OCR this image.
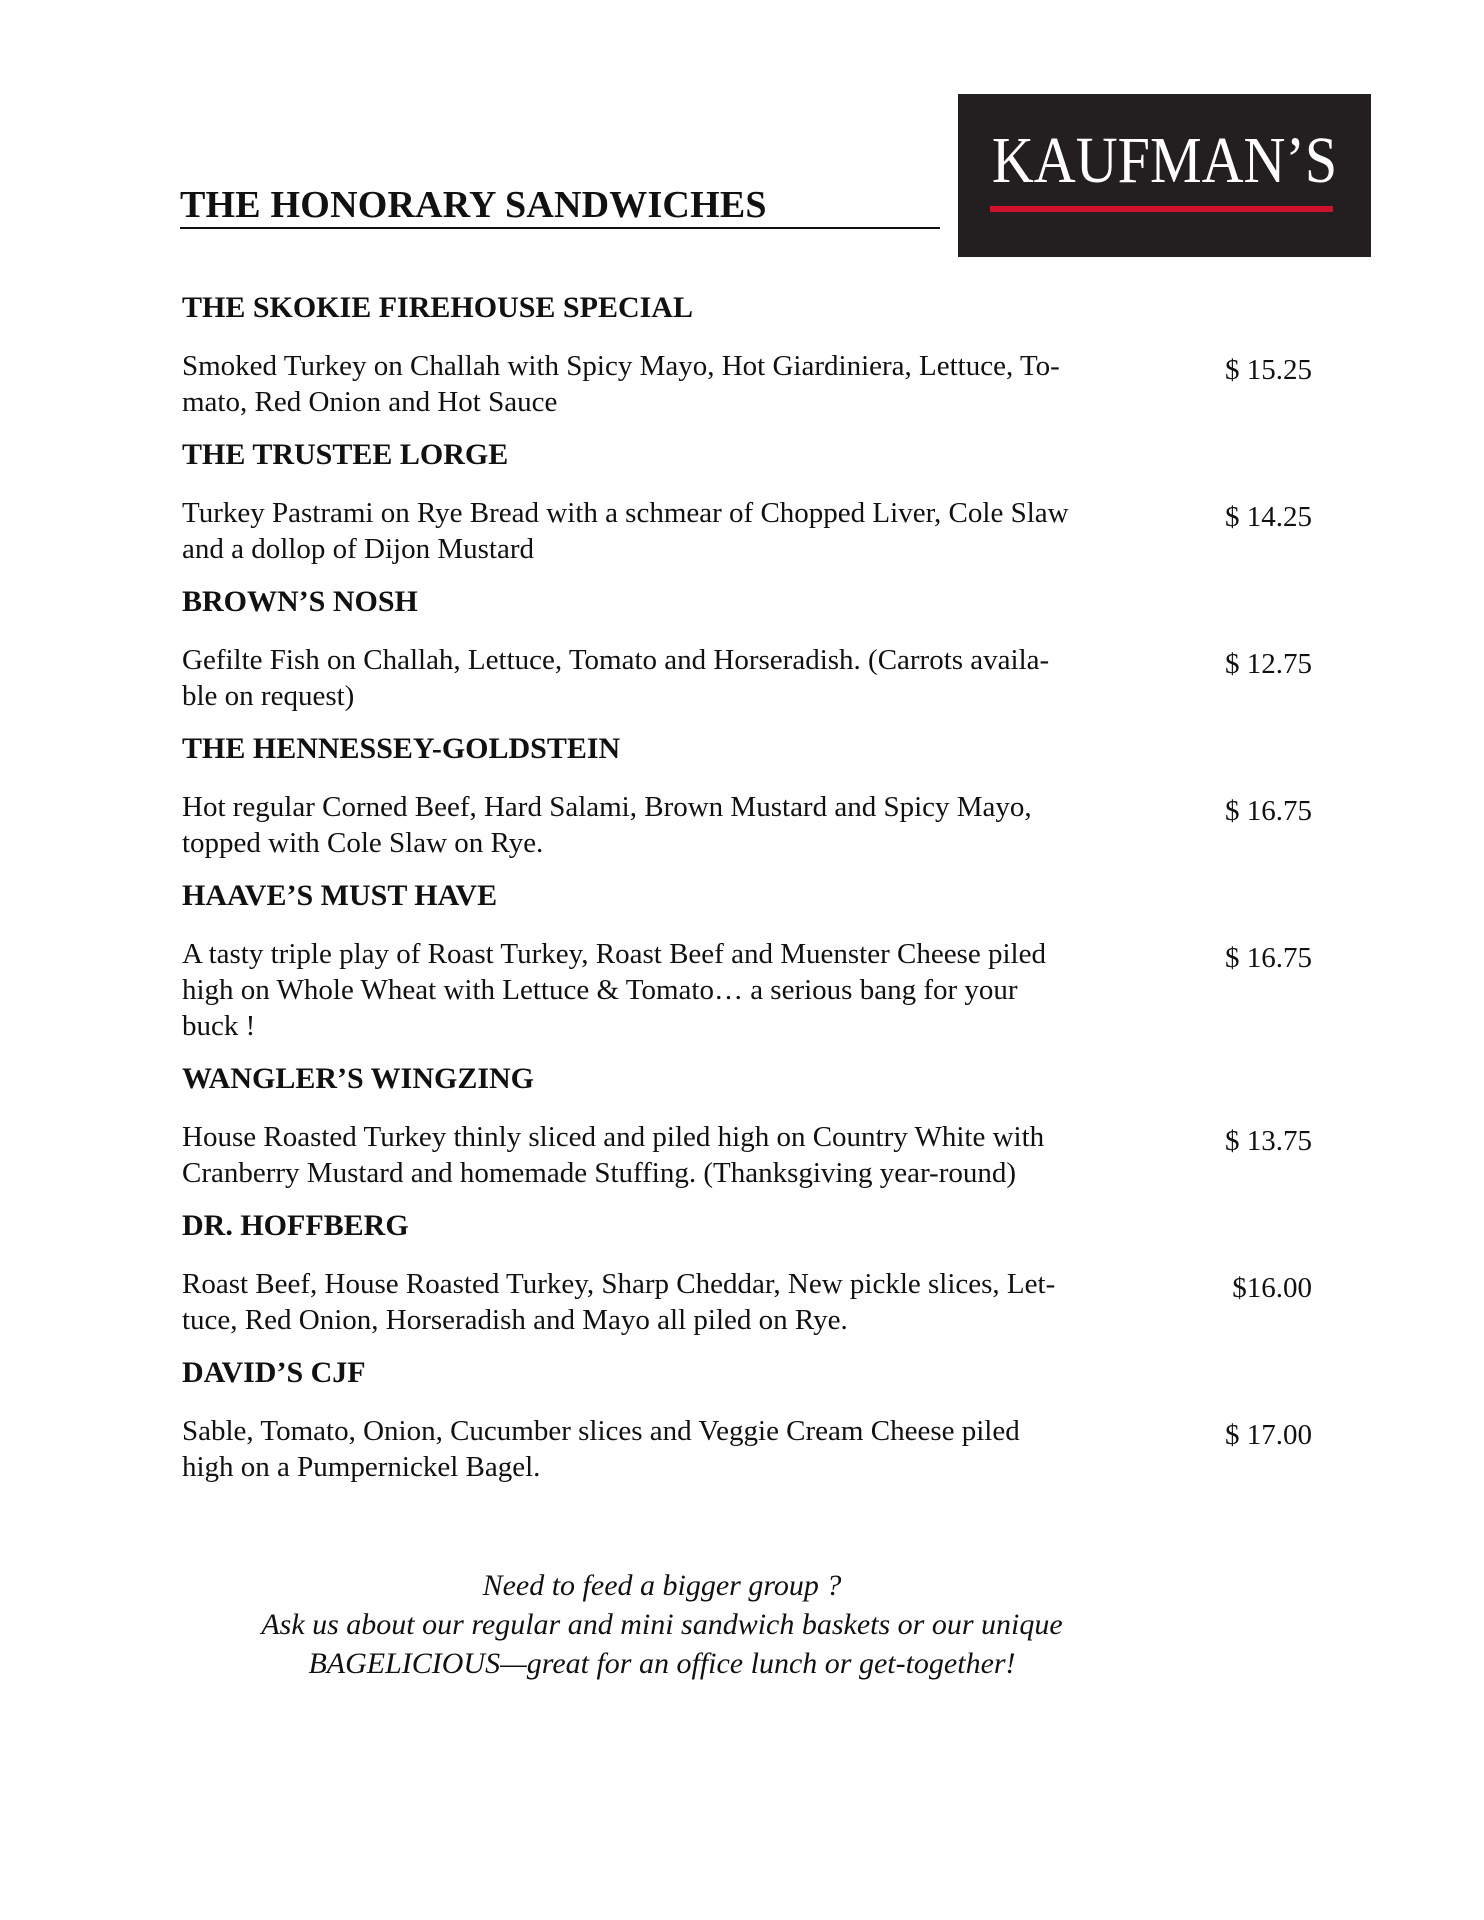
THE HONORARY SANDWICHES
KAUFMAN’S
THE SKOKIE FIREHOUSE SPECIAL
Smoked Turkey on Challah with Spicy Mayo, Hot Giardiniera, Lettuce, To-
mato, Red Onion and Hot Sauce
$ 15.25
THE TRUSTEE LORGE
Turkey Pastrami on Rye Bread with a schmear of Chopped Liver, Cole Slaw
and a dollop of Dijon Mustard
$ 14.25
BROWN’S NOSH
Gefilte Fish on Challah, Lettuce, Tomato and Horseradish. (Carrots availa-
ble on request)
$ 12.75
THE HENNESSEY-GOLDSTEIN
Hot regular Corned Beef, Hard Salami, Brown Mustard and Spicy Mayo,
topped with Cole Slaw on Rye.
$ 16.75
HAAVE’S MUST HAVE
A tasty triple play of Roast Turkey, Roast Beef and Muenster Cheese piled
high on Whole Wheat with Lettuce & Tomato… a serious bang for your
buck !
$ 16.75
WANGLER’S WINGZING
House Roasted Turkey thinly sliced and piled high on Country White with
Cranberry Mustard and homemade Stuffing. (Thanksgiving year-round)
$ 13.75
DR. HOFFBERG
Roast Beef, House Roasted Turkey, Sharp Cheddar, New pickle slices, Let-
tuce, Red Onion, Horseradish and Mayo all piled on Rye.
$16.00
DAVID’S CJF
Sable, Tomato, Onion, Cucumber slices and Veggie Cream Cheese piled
high on a Pumpernickel Bagel.
$ 17.00
Need to feed a bigger group ?
Ask us about our regular and mini sandwich baskets or our unique
BAGELICIOUS—great for an office lunch or get-together!
